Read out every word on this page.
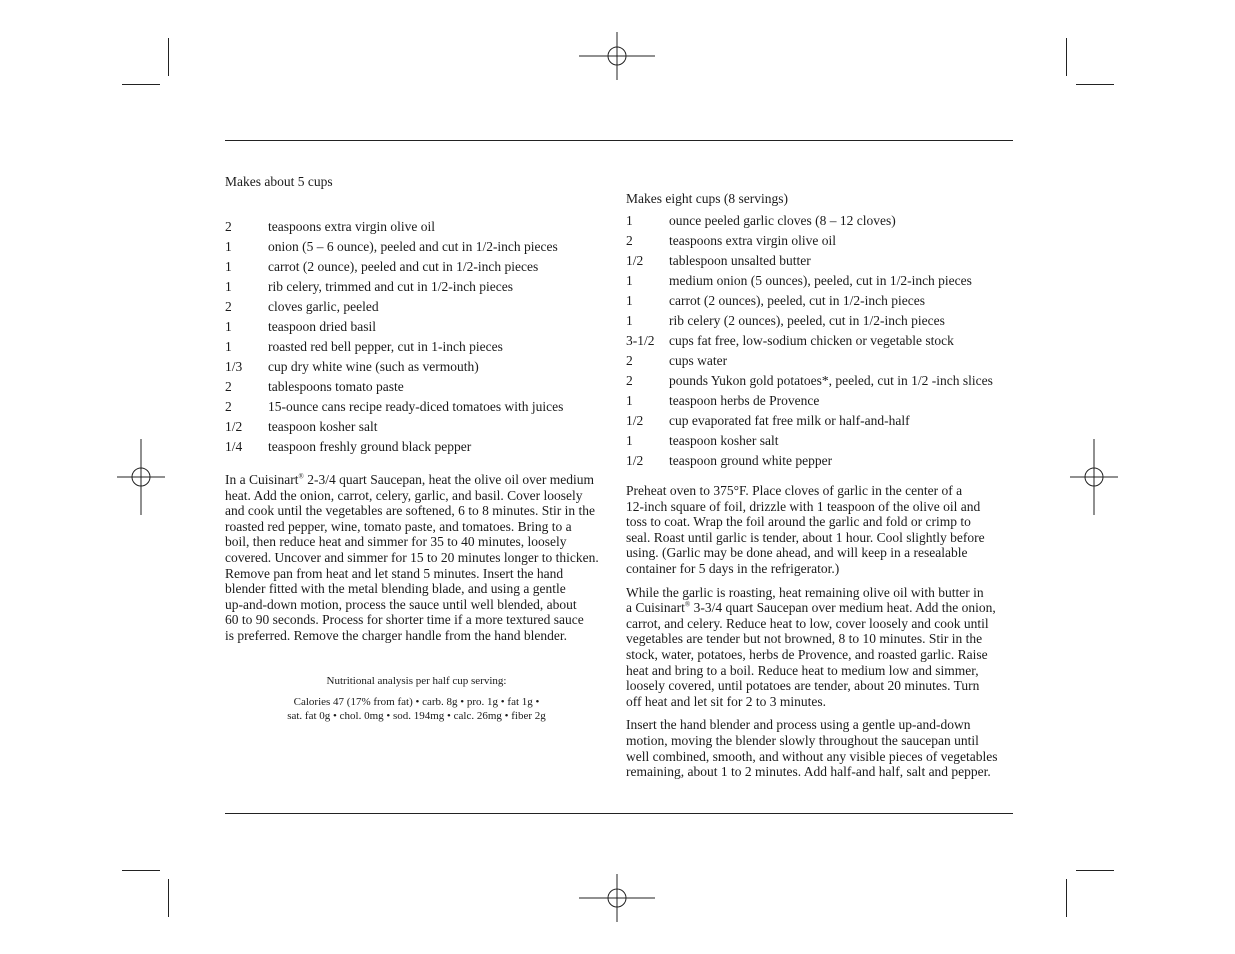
Makes about 5 cups

2	teaspoons extra virgin olive oil
1	onion (5 – 6 ounce), peeled and cut in 1/2-inch pieces
1	carrot (2 ounce), peeled and cut in 1/2-inch pieces
1	rib celery, trimmed and cut in 1/2-inch pieces
2	cloves garlic, peeled
1	teaspoon dried basil
1	roasted red bell pepper, cut in 1-inch pieces
1/3	cup dry white wine (such as vermouth)
2	tablespoons tomato paste
2	15-ounce cans recipe ready-diced tomatoes with juices
1/2	teaspoon kosher salt
1/4	teaspoon freshly ground black pepper

In a Cuisinart® 2-3/4 quart Saucepan, heat the olive oil over medium
heat. Add the onion, carrot, celery, garlic, and basil. Cover loosely
and cook until the vegetables are softened, 6 to 8 minutes. Stir in the
roasted red pepper, wine, tomato paste, and tomatoes. Bring to a
boil, then reduce heat and simmer for 35 to 40 minutes, loosely
covered. Uncover and simmer for 15 to 20 minutes longer to thicken.
Remove pan from heat and let stand 5 minutes. Insert the hand
blender fitted with the metal blending blade, and using a gentle
up-and-down motion, process the sauce until well blended, about
60 to 90 seconds. Process for shorter time if a more textured sauce
is preferred. Remove the charger handle from the hand blender.

Nutritional analysis per half cup serving:

Calories 47 (17% from fat) • carb. 8g • pro. 1g • fat 1g •

sat. fat 0g • chol. 0mg • sod. 194mg • calc. 26mg • fiber 2g

Makes eight cups (8 servings)

1	ounce peeled garlic cloves (8 – 12 cloves)
2	teaspoons extra virgin olive oil
1/2	tablespoon unsalted butter
1	medium onion (5 ounces), peeled, cut in 1/2-inch pieces
1	carrot (2 ounces), peeled, cut in 1/2-inch pieces
1	rib celery (2 ounces), peeled, cut in 1/2-inch pieces
3-1/2	cups fat free, low-sodium chicken or vegetable stock
2	cups water
2	pounds Yukon gold potatoes*, peeled, cut in 1/2 -inch slices
1	teaspoon herbs de Provence
1/2	cup evaporated fat free milk or half-and-half
1	teaspoon kosher salt
1/2	teaspoon ground white pepper

Preheat oven to 375°F. Place cloves of garlic in the center of a
12-inch square of foil, drizzle with 1 teaspoon of the olive oil and
toss to coat. Wrap the foil around the garlic and fold or crimp to
seal. Roast until garlic is tender, about 1 hour. Cool slightly before
using. (Garlic may be done ahead, and will keep in a resealable
container for 5 days in the refrigerator.)

While the garlic is roasting, heat remaining olive oil with butter in
a Cuisinart® 3-3/4 quart Saucepan over medium heat. Add the onion,
carrot, and celery. Reduce heat to low, cover loosely and cook until
vegetables are tender but not browned, 8 to 10 minutes. Stir in the
stock, water, potatoes, herbs de Provence, and roasted garlic. Raise
heat and bring to a boil. Reduce heat to medium low and simmer,
loosely covered, until potatoes are tender, about 20 minutes. Turn
off heat and let sit for 2 to 3 minutes.

Insert the hand blender and process using a gentle up-and-down
motion, moving the blender slowly throughout the saucepan until
well combined, smooth, and without any visible pieces of vegetables
remaining, about 1 to 2 minutes. Add half-and half, salt and pepper.
